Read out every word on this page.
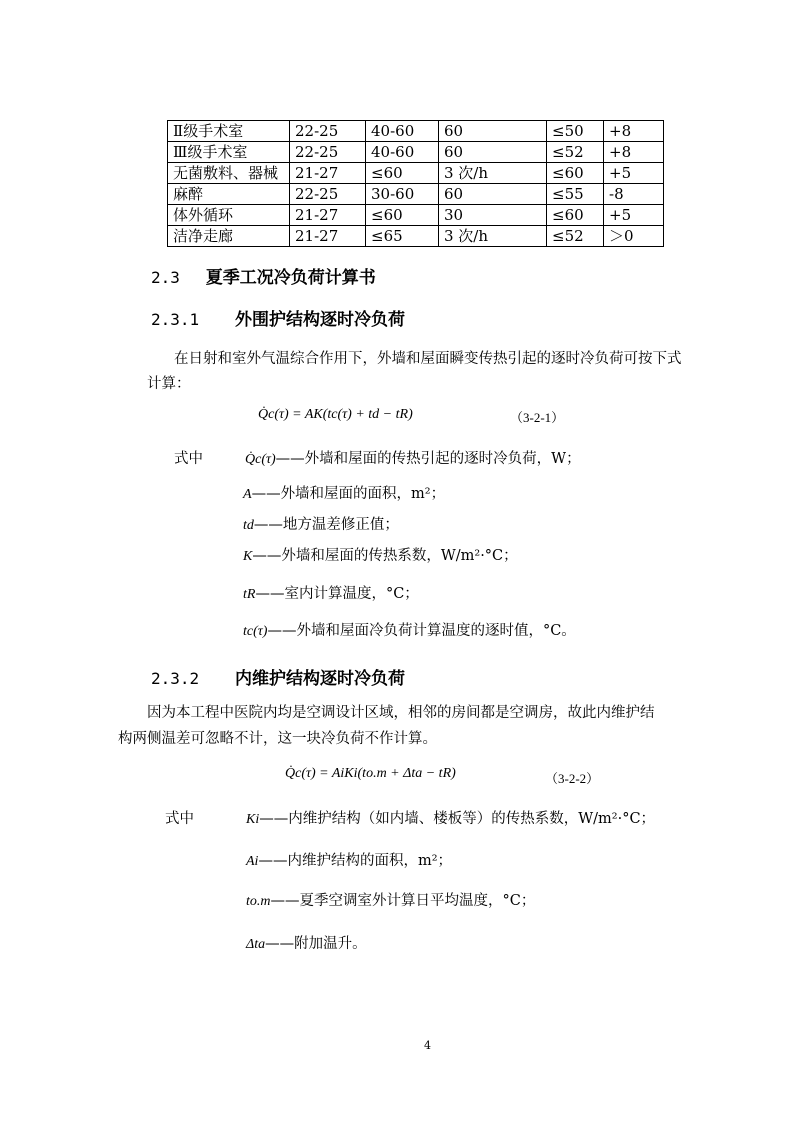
Ⅱ级手术室	22-25	40-60	60	≤50	+8
Ⅲ级手术室	22-25	40-60	60	≤52	+8
无菌敷料、器械	21-27	≤60	3 次/h	≤60	+5
麻醉	22-25	30-60	60	≤55	-8
体外循环	21-27	≤60	30	≤60	+5
洁净走廊	21-27	≤65	3 次/h	≤52	＞0
2.3 夏季工况冷负荷计算书
2.3.1 外围护结构逐时冷负荷
在日射和室外气温综合作用下，外墙和屋面瞬变传热引起的逐时冷负荷可按下式
计算：
Q̇c(τ) = AK(tc(τ) + td − tR)	（3-2-1）
式中	Q̇c(τ)——外墙和屋面的传热引起的逐时冷负荷，W；
A——外墙和屋面的面积，m²；
td——地方温差修正值；
K——外墙和屋面的传热系数，W/m²·°C；
tR——室内计算温度，°C；
tc(τ)——外墙和屋面冷负荷计算温度的逐时值，°C。
2.3.2 内维护结构逐时冷负荷
因为本工程中医院内均是空调设计区域，相邻的房间都是空调房，故此内维护结
构两侧温差可忽略不计，这一块冷负荷不作计算。
Q̇c(τ) = AiKi(to.m + Δta − tR)	（3-2-2）
式中	Ki——内维护结构（如内墙、楼板等）的传热系数，W/m²·°C；
Ai——内维护结构的面积，m²；
to.m——夏季空调室外计算日平均温度，°C；
Δta——附加温升。
4
